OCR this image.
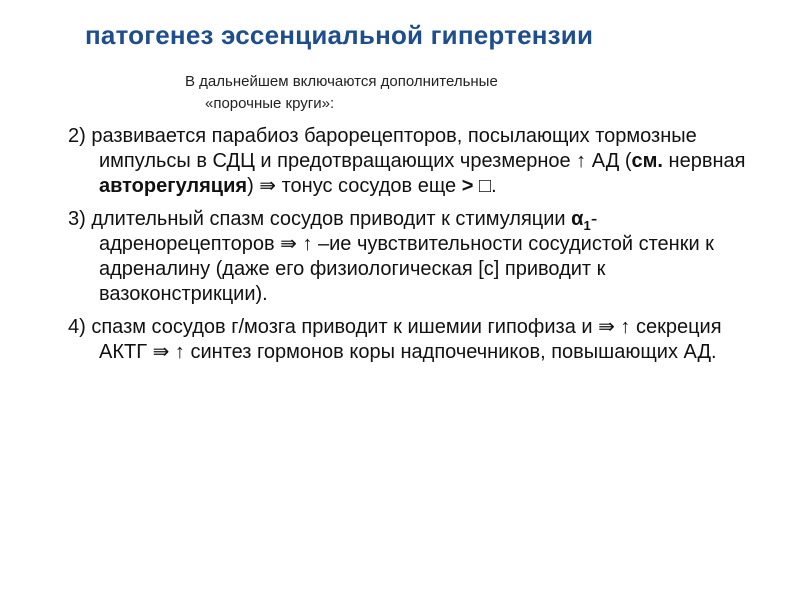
патогенез эссенциальной гипертензии
В дальнейшем включаются дополнительные
«порочные круги»:
2) развивается парабиоз барорецепторов, посылающих тормозные импульсы в СДЦ и предотвращающих чрезмерное ↑ АД (см. нервная авторегуляция) ⇛ тонус сосудов еще > □.
3) длительный спазм сосудов приводит к стимуляции $\alpha_1$-адренорецепторов ⇛ ↑ –ие чувствительности сосудистой стенки к адреналину (даже его физиологическая [c] приводит к вазоконстрикции).
4) спазм сосудов г/мозга приводит к ишемии гипофиза и ⇛ ↑ секреция АКТГ ⇛ ↑ синтез гормонов коры надпочечников, повышающих АД.
